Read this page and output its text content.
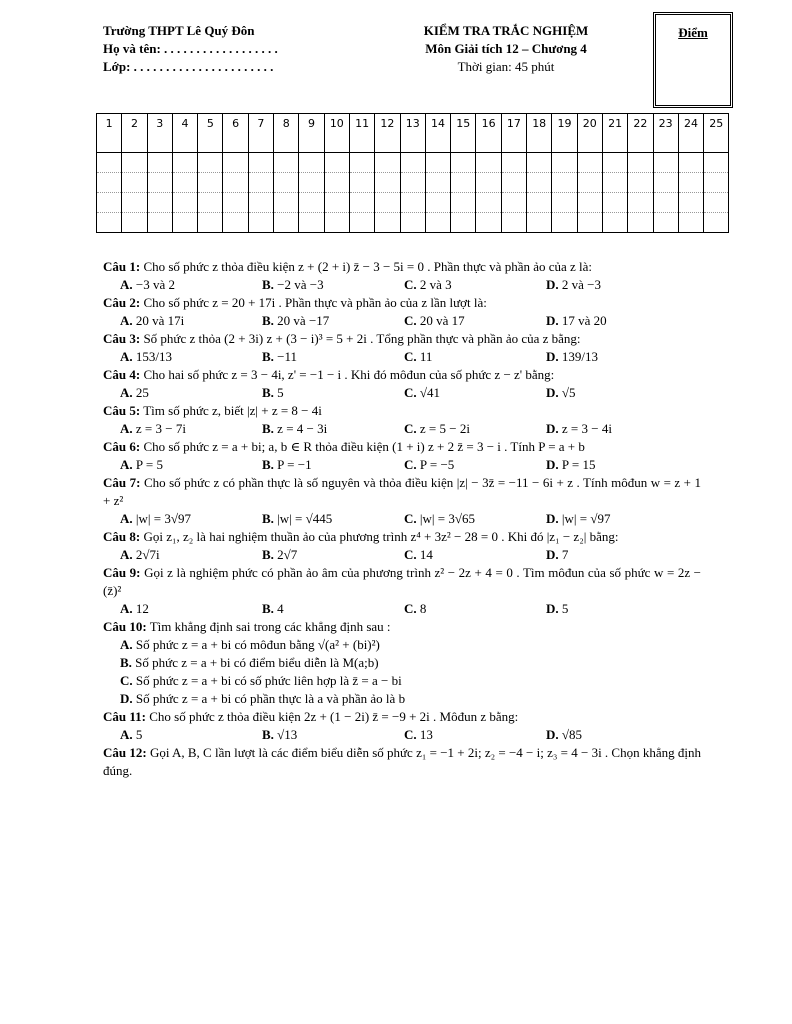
Trường THPT Lê Quý Đôn
Họ và tên: . . . . . . . . . . . . . . . . . .
Lớp: . . . . . . . . . . . . . . . . . . . . . .
KIỂM TRA TRẮC NGHIỆM
Môn Giải tích 12 – Chương 4
Thời gian: 45 phút
Điểm
1	2	3	4	5	6	7	8	9	10	11	12	13	14	15	16	17	18	19	20	21	22	23	24	25

Câu 1: Cho số phức z thỏa điều kiện z + (2 + i) z̄ − 3 − 5i = 0 . Phần thực và phần ảo của z là:
A. −3 và 2	B. −2 và −3	C. 2 và 3	D. 2 và −3
Câu 2: Cho số phức z = 20 + 17i . Phần thực và phần ảo của z lần lượt là:
A. 20 và 17i	B. 20 và −17	C. 20 và 17	D. 17 và 20
Câu 3: Số phức z thỏa (2 + 3i) z + (3 − i)³ = 5 + 2i . Tổng phần thực và phần ảo của z bằng:
A. 153/13	B. −11	C. 11	D. 139/13
Câu 4: Cho hai số phức z = 3 − 4i, z' = −1 − i . Khi đó môđun của số phức z − z' bằng:
A. 25	B. 5	C. √41	D. √5
Câu 5: Tìm số phức z, biết |z| + z = 8 − 4i
A. z = 3 − 7i	B. z = 4 − 3i	C. z = 5 − 2i	D. z = 3 − 4i
Câu 6: Cho số phức z = a + bi; a, b ∈ R thỏa điều kiện (1 + i) z + 2 z̄ = 3 − i . Tính P = a + b
A. P = 5	B. P = −1	C. P = −5	D. P = 15
Câu 7: Cho số phức z có phần thực là số nguyên và thỏa điều kiện |z| − 3z̄ = −11 − 6i + z . Tính môđun w = z + 1 + z²
A. |w| = 3√97	B. |w| = √445	C. |w| = 3√65	D. |w| = √97
Câu 8: Gọi z₁, z₂ là hai nghiệm thuần ảo của phương trình z⁴ + 3z² − 28 = 0 . Khi đó |z₁ − z₂| bằng:
A. 2√7i	B. 2√7	C. 14	D. 7
Câu 9: Gọi z là nghiệm phức có phần ảo âm của phương trình z² − 2z + 4 = 0 . Tìm môđun của số phức w = 2z − (z̄)²
A. 12	B. 4	C. 8	D. 5
Câu 10: Tìm khẳng định sai trong các khẳng định sau :
A. Số phức z = a + bi có môđun bằng √(a² + (bi)²)
B. Số phức z = a + bi có điểm biểu diễn là M(a;b)
C. Số phức z = a + bi có số phức liên hợp là z̄ = a − bi
D. Số phức z = a + bi có phần thực là a và phần ảo là b
Câu 11: Cho số phức z thỏa điều kiện 2z + (1 − 2i) z̄ = −9 + 2i . Môđun z bằng:
A. 5	B. √13	C. 13	D. √85
Câu 12: Gọi A, B, C lần lượt là các điểm biểu diễn số phức z₁ = −1 + 2i; z₂ = −4 − i; z₃ = 4 − 3i . Chọn khẳng định đúng.
